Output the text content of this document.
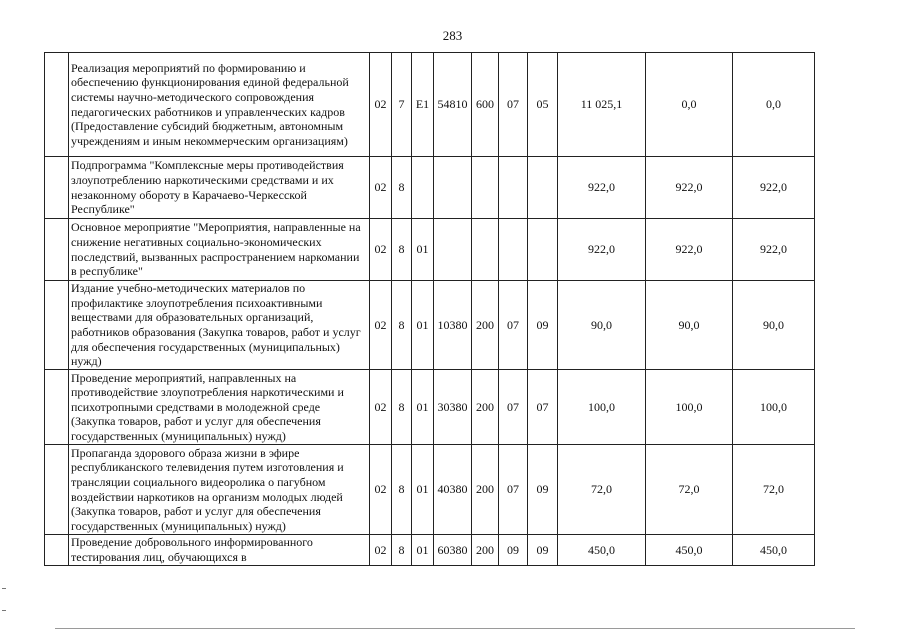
283
	Реализация мероприятий по формированию и обеспечению функционирования единой федеральной системы научно-методического сопровождения педагогических работников и управленческих кадров (Предоставление субсидий бюджетным, автономным учреждениям и иным некоммерческим организациям)	02	7	E1	54810	600	07	05	11 025,1	0,0	0,0
	Подпрограмма "Комплексные меры противодействия злоупотреблению наркотическими средствами и их незаконному обороту в Карачаево-Черкесской Республике"	02	8						922,0	922,0	922,0
	Основное мероприятие "Мероприятия, направленные на снижение негативных социально-экономических последствий, вызванных распространением наркомании в республике"	02	8	01					922,0	922,0	922,0
	Издание учебно-методических материалов по профилактике злоупотребления психоактивными веществами для образовательных организаций, работников образования (Закупка товаров, работ и услуг для обеспечения государственных (муниципальных) нужд)	02	8	01	10380	200	07	09	90,0	90,0	90,0
	Проведение мероприятий, направленных на противодействие злоупотребления наркотическими и психотропными средствами в молодежной среде (Закупка товаров, работ и услуг для обеспечения государственных (муниципальных) нужд)	02	8	01	30380	200	07	07	100,0	100,0	100,0
	Пропаганда здорового образа жизни в эфире республиканского телевидения путем изготовления и трансляции социального видеоролика о пагубном воздействии наркотиков на организм молодых людей (Закупка товаров, работ и услуг для обеспечения государственных (муниципальных) нужд)	02	8	01	40380	200	07	09	72,0	72,0	72,0
	Проведение добровольного информированного тестирования лиц, обучающихся в	02	8	01	60380	200	09	09	450,0	450,0	450,0
